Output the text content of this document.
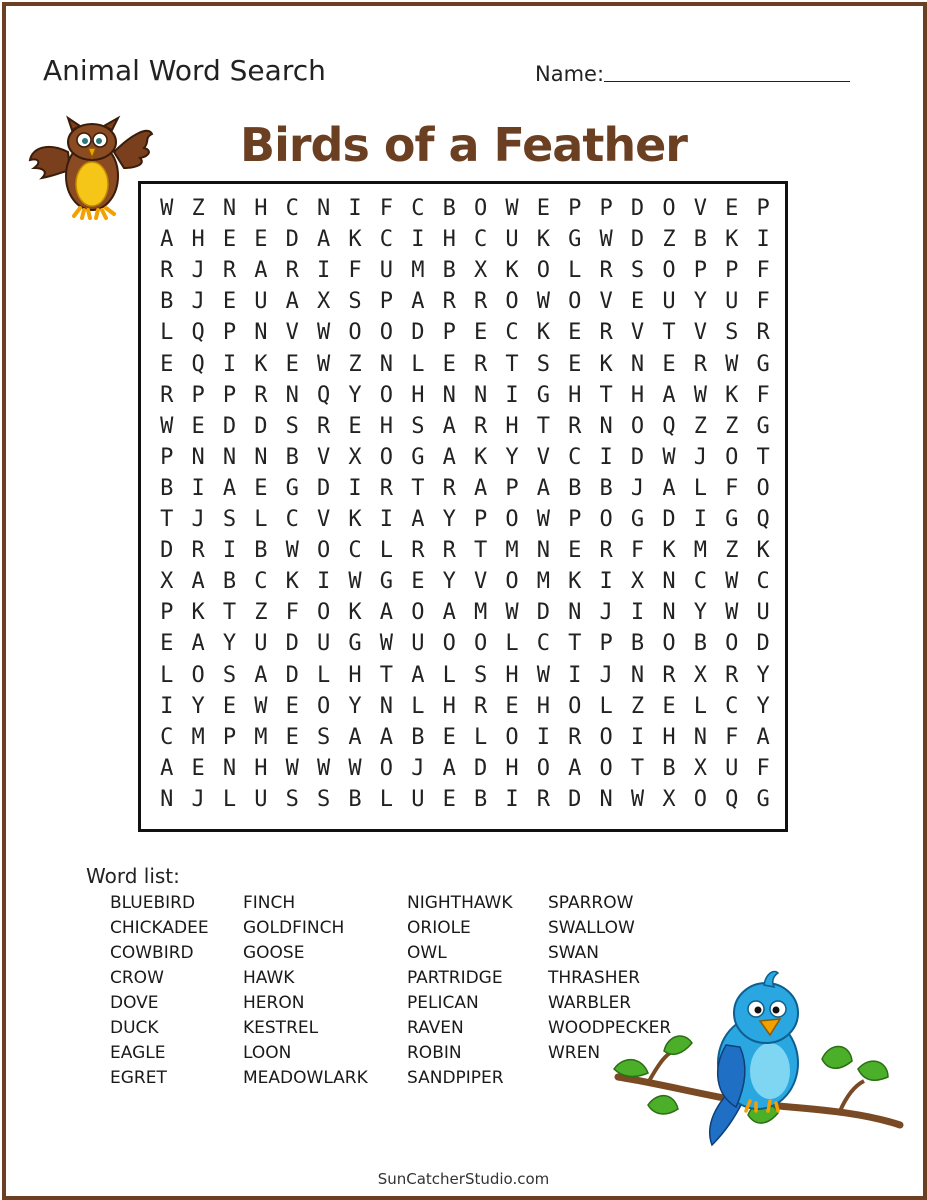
Animal Word Search	Name:
Birds of a Feather
W Z N H C N I F C B O W E P P D O V E P
A H E E D A K C I H C U K G W D Z B K I
R J R A R I F U M B X K O L R S O P P F
B J E U A X S P A R R O W O V E U Y U F
L Q P N V W O O D P E C K E R V T V S R
E Q I K E W Z N L E R T S E K N E R W G
R P P R N Q Y O H N N I G H T H A W K F
W E D D S R E H S A R H T R N O Q Z Z G
P N N N B V X O G A K Y V C I D W J O T
B I A E G D I R T R A P A B B J A L F O
T J S L C V K I A Y P O W P O G D I G Q
D R I B W O C L R R T M N E R F K M Z K
X A B C K I W G E Y V O M K I X N C W C
P K T Z F O K A O A M W D N J I N Y W U
E A Y U D U G W U O O L C T P B O B O D
L O S A D L H T A L S H W I J N R X R Y
I Y E W E O Y N L H R E H O L Z E L C Y
C M P M E S A A B E L O I R O I H N F A
A E N H W W W O J A D H O A O T B X U F
N J L U S S B L U E B I R D N W X O Q G
Word list:
BLUEBIRD
CHICKADEE
COWBIRD
CROW
DOVE
DUCK
EAGLE
EGRET
FINCH
GOLDFINCH
GOOSE
HAWK
HERON
KESTREL
LOON
MEADOWLARK
NIGHTHAWK
ORIOLE
OWL
PARTRIDGE
PELICAN
RAVEN
ROBIN
SANDPIPER
SPARROW
SWALLOW
SWAN
THRASHER
WARBLER
WOODPECKER
WREN
SunCatcherStudio.com
